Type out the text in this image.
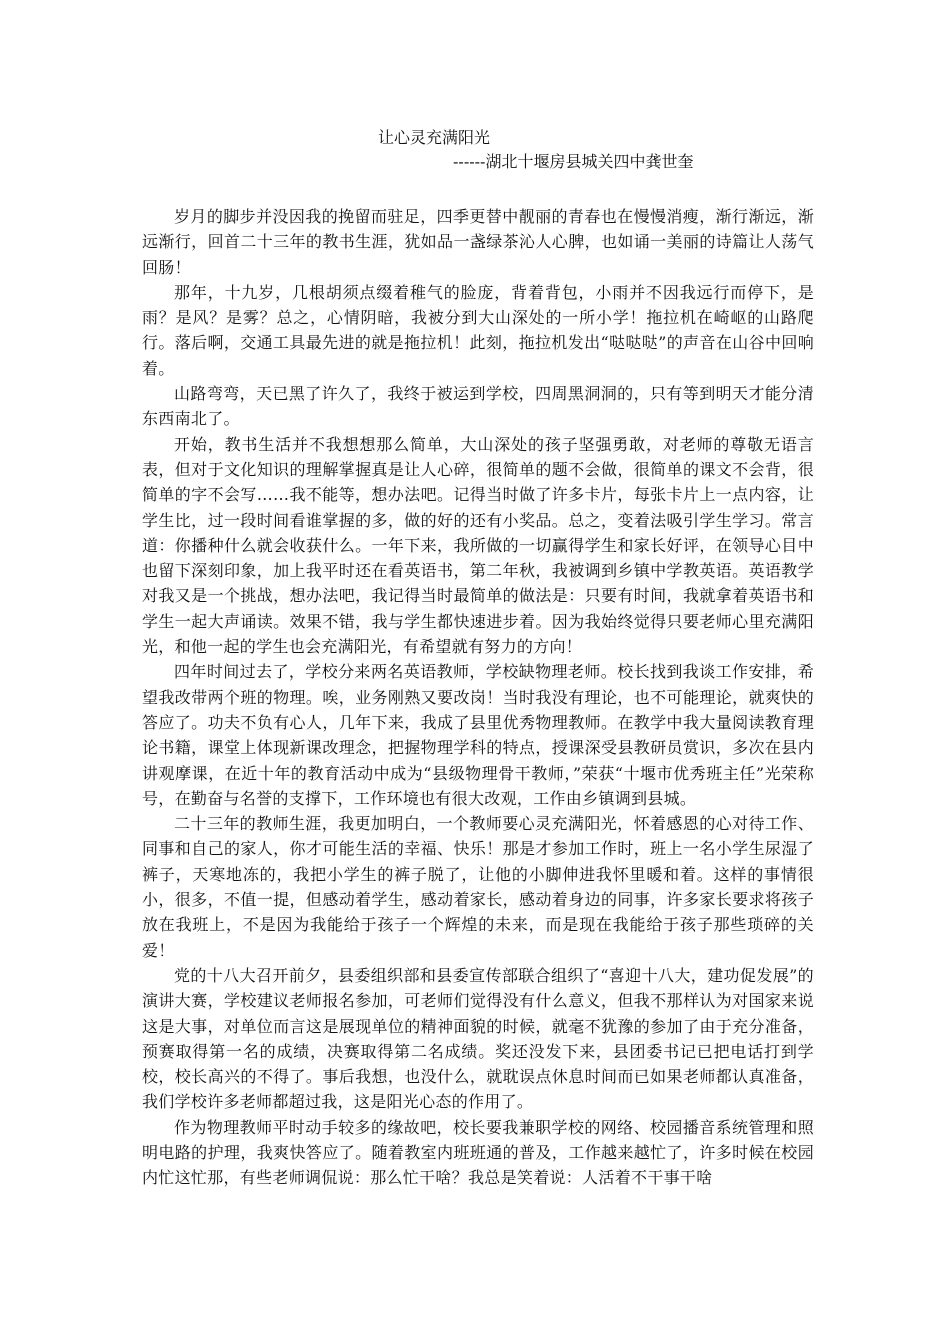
让心灵充满阳光

------湖北十堰房县城关四中龚世奎

岁月的脚步并没因我的挽留而驻足，四季更替中靓丽的青春也在慢慢消瘦，渐行渐远，渐远渐行，回首二十三年的教书生涯，犹如品一盏绿茶沁人心脾，也如诵一美丽的诗篇让人荡气回肠！

那年，十九岁，几根胡须点缀着稚气的脸庞，背着背包，小雨并不因我远行而停下，是雨？是风？是雾？总之，心情阴暗，我被分到大山深处的一所小学！拖拉机在崎岖的山路爬行。落后啊，交通工具最先进的就是拖拉机！此刻，拖拉机发出“哒哒哒”的声音在山谷中回响着。

山路弯弯，天已黑了许久了，我终于被运到学校，四周黑洞洞的，只有等到明天才能分清东西南北了。

开始，教书生活并不我想想那么简单，大山深处的孩子坚强勇敢，对老师的尊敬无语言表，但对于文化知识的理解掌握真是让人心碎，很简单的题不会做，很简单的课文不会背，很简单的字不会写……我不能等，想办法吧。记得当时做了许多卡片，每张卡片上一点内容，让学生比，过一段时间看谁掌握的多，做的好的还有小奖品。总之，变着法吸引学生学习。常言道：你播种什么就会收获什么。一年下来，我所做的一切赢得学生和家长好评，在领导心目中也留下深刻印象，加上我平时还在看英语书，第二年秋，我被调到乡镇中学教英语。英语教学对我又是一个挑战，想办法吧，我记得当时最简单的做法是：只要有时间，我就拿着英语书和学生一起大声诵读。效果不错，我与学生都快速进步着。因为我始终觉得只要老师心里充满阳光，和他一起的学生也会充满阳光，有希望就有努力的方向！

四年时间过去了，学校分来两名英语教师，学校缺物理老师。校长找到我谈工作安排，希望我改带两个班的物理。唉，业务刚熟又要改岗！当时我没有理论，也不可能理论，就爽快的答应了。功夫不负有心人，几年下来，我成了县里优秀物理教师。在教学中我大量阅读教育理论书籍，课堂上体现新课改理念，把握物理学科的特点，授课深受县教研员赏识，多次在县内讲观摩课，在近十年的教育活动中成为“县级物理骨干教师，”荣获“十堰市优秀班主任”光荣称号，在勤奋与名誉的支撑下，工作环境也有很大改观，工作由乡镇调到县城。

二十三年的教师生涯，我更加明白，一个教师要心灵充满阳光，怀着感恩的心对待工作、同事和自己的家人，你才可能生活的幸福、快乐！那是才参加工作时，班上一名小学生尿湿了裤子，天寒地冻的，我把小学生的裤子脱了，让他的小脚伸进我怀里暖和着。这样的事情很小，很多，不值一提，但感动着学生，感动着家长，感动着身边的同事，许多家长要求将孩子放在我班上，不是因为我能给于孩子一个辉煌的未来，而是现在我能给于孩子那些琐碎的关爱！

党的十八大召开前夕，县委组织部和县委宣传部联合组织了“喜迎十八大，建功促发展”的演讲大赛，学校建议老师报名参加，可老师们觉得没有什么意义，但我不那样认为对国家来说这是大事，对单位而言这是展现单位的精神面貌的时候，就毫不犹豫的参加了由于充分准备，预赛取得第一名的成绩，决赛取得第二名成绩。奖还没发下来，县团委书记已把电话打到学校，校长高兴的不得了。事后我想，也没什么，就耽误点休息时间而已如果老师都认真准备，我们学校许多老师都超过我，这是阳光心态的作用了。

作为物理教师平时动手较多的缘故吧，校长要我兼职学校的网络、校园播音系统管理和照明电路的护理，我爽快答应了。随着教室内班班通的普及，工作越来越忙了，许多时候在校园内忙这忙那，有些老师调侃说：那么忙干啥？我总是笑着说：人活着不干事干啥
